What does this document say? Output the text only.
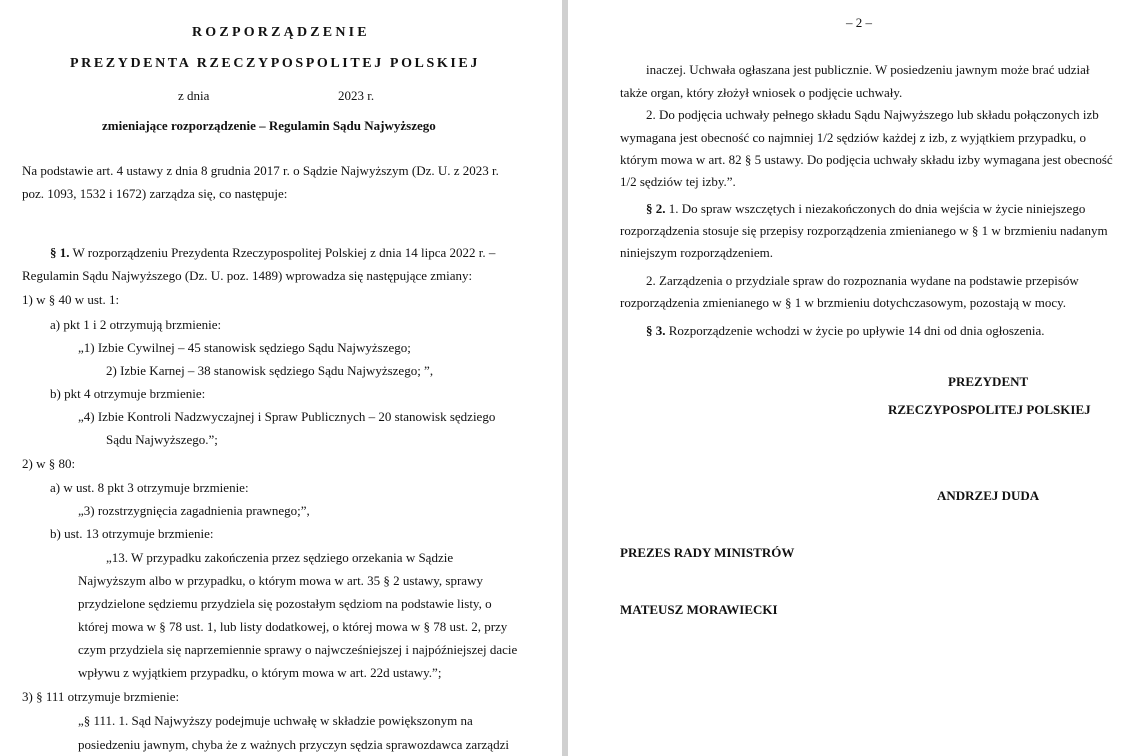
ROZPORZĄDZENIE
PREZYDENTA RZECZYPOSPOLITEJ POLSKIEJ
z dnia	2023 r.
zmieniające rozporządzenie – Regulamin Sądu Najwyższego
Na podstawie art. 4 ustawy z dnia 8 grudnia 2017 r. o Sądzie Najwyższym (Dz. U. z 2023 r.
poz. 1093, 1532 i 1672) zarządza się, co następuje:
§ 1. W rozporządzeniu Prezydenta Rzeczypospolitej Polskiej z dnia 14 lipca 2022 r. –
Regulamin Sądu Najwyższego (Dz. U. poz. 1489) wprowadza się następujące zmiany:
1) w § 40 w ust. 1:
a) pkt 1 i 2 otrzymują brzmienie:
„1) Izbie Cywilnej – 45 stanowisk sędziego Sądu Najwyższego;
2) Izbie Karnej – 38 stanowisk sędziego Sądu Najwyższego; ”,
b) pkt 4 otrzymuje brzmienie:
„4) Izbie Kontroli Nadzwyczajnej i Spraw Publicznych – 20 stanowisk sędziego
Sądu Najwyższego.”;
2) w § 80:
a) w ust. 8 pkt 3 otrzymuje brzmienie:
„3) rozstrzygnięcia zagadnienia prawnego;”,
b) ust. 13 otrzymuje brzmienie:
„13. W przypadku zakończenia przez sędziego orzekania w Sądzie
Najwyższym albo w przypadku, o którym mowa w art. 35 § 2 ustawy, sprawy
przydzielone sędziemu przydziela się pozostałym sędziom na podstawie listy, o
której mowa w § 78 ust. 1, lub listy dodatkowej, o której mowa w § 78 ust. 2, przy
czym przydziela się naprzemiennie sprawy o najwcześniejszej i najpóźniejszej dacie
wpływu z wyjątkiem przypadku, o którym mowa w art. 22d ustawy.”;
3) § 111 otrzymuje brzmienie:
„§ 111. 1. Sąd Najwyższy podejmuje uchwałę w składzie powiększonym na
posiedzeniu jawnym, chyba że z ważnych przyczyn sędzia sprawozdawca zarządzi
– 2 –
inaczej. Uchwała ogłaszana jest publicznie. W posiedzeniu jawnym może brać udział
także organ, który złożył wniosek o podjęcie uchwały.
2. Do podjęcia uchwały pełnego składu Sądu Najwyższego lub składu połączonych izb
wymagana jest obecność co najmniej 1/2 sędziów każdej z izb, z wyjątkiem przypadku, o
którym mowa w art. 82 § 5 ustawy. Do podjęcia uchwały składu izby wymagana jest obecność
1/2 sędziów tej izby.”.
§ 2. 1. Do spraw wszczętych i niezakończonych do dnia wejścia w życie niniejszego
rozporządzenia stosuje się przepisy rozporządzenia zmienianego w § 1 w brzmieniu nadanym
niniejszym rozporządzeniem.
2. Zarządzenia o przydziale spraw do rozpoznania wydane na podstawie przepisów
rozporządzenia zmienianego w § 1 w brzmieniu dotychczasowym, pozostają w mocy.
§ 3. Rozporządzenie wchodzi w życie po upływie 14 dni od dnia ogłoszenia.
PREZYDENT
RZECZYPOSPOLITEJ POLSKIEJ
ANDRZEJ DUDA
PREZES RADY MINISTRÓW
MATEUSZ MORAWIECKI
